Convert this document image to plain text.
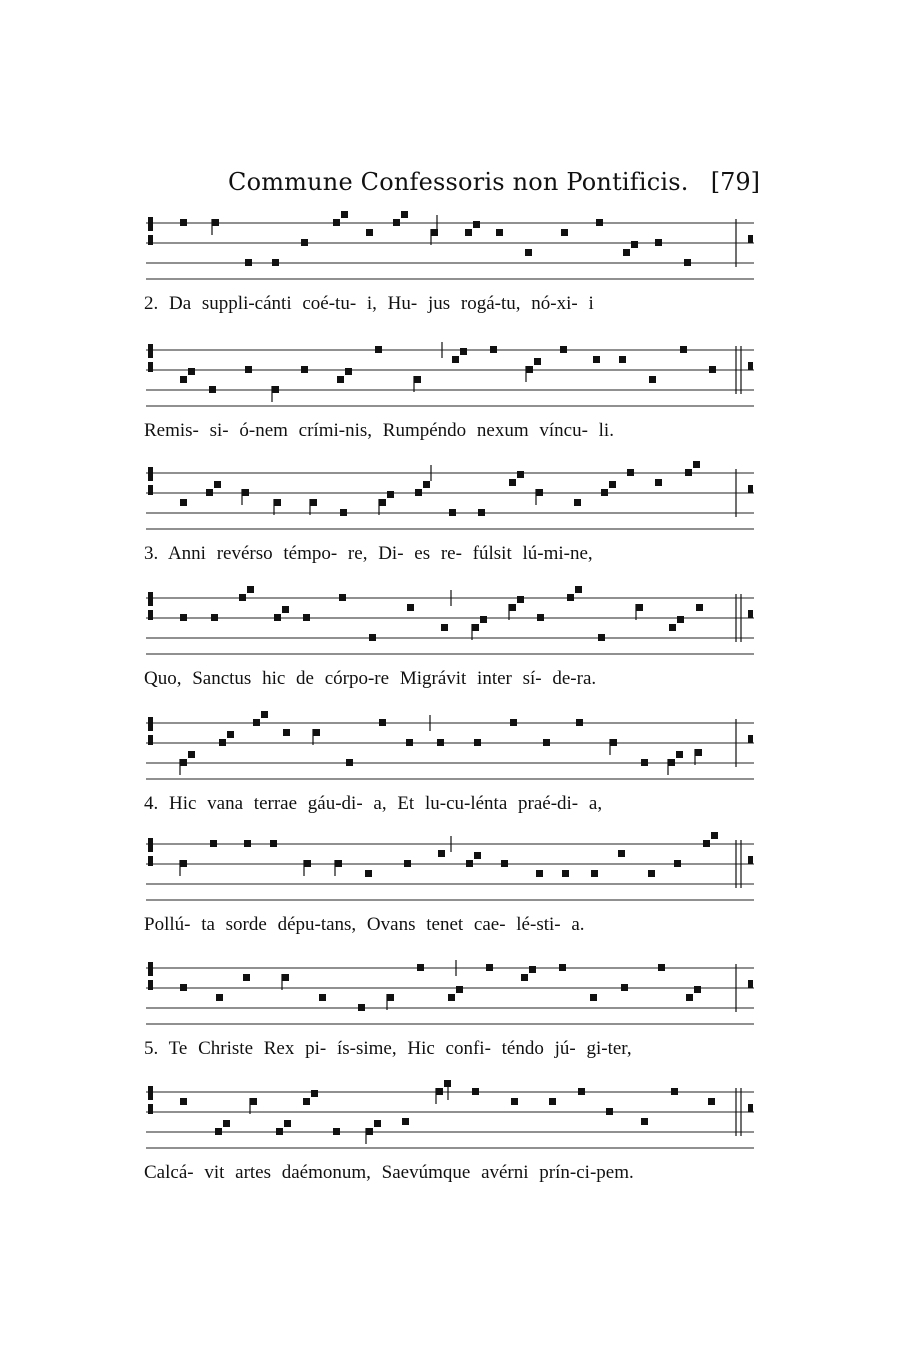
Commune Confessoris non Pontificis. [79]
2. Da suppli-cánti coé-tu- i, Hu- jus rogá-tu, nó-xi- i
Remis- si- ó-nem crími-nis, Rumpéndo nexum víncu- li.
3. Anni revérso témpo- re, Di- es re- fúlsit lú-mi-ne,
Quo, Sanctus hic de córpo-re Migrávit inter sí- de-ra.
4. Hic vana terrae gáu-di- a, Et lu-cu-lénta praé-di- a,
Pollú- ta sorde dépu-tans, Ovans tenet cae- lé-sti- a.
5. Te Christe Rex pi- ís-sime, Hic confi- téndo jú- gi-ter,
Calcá- vit artes daémonum, Saevúmque avérni prín-ci-pem.
